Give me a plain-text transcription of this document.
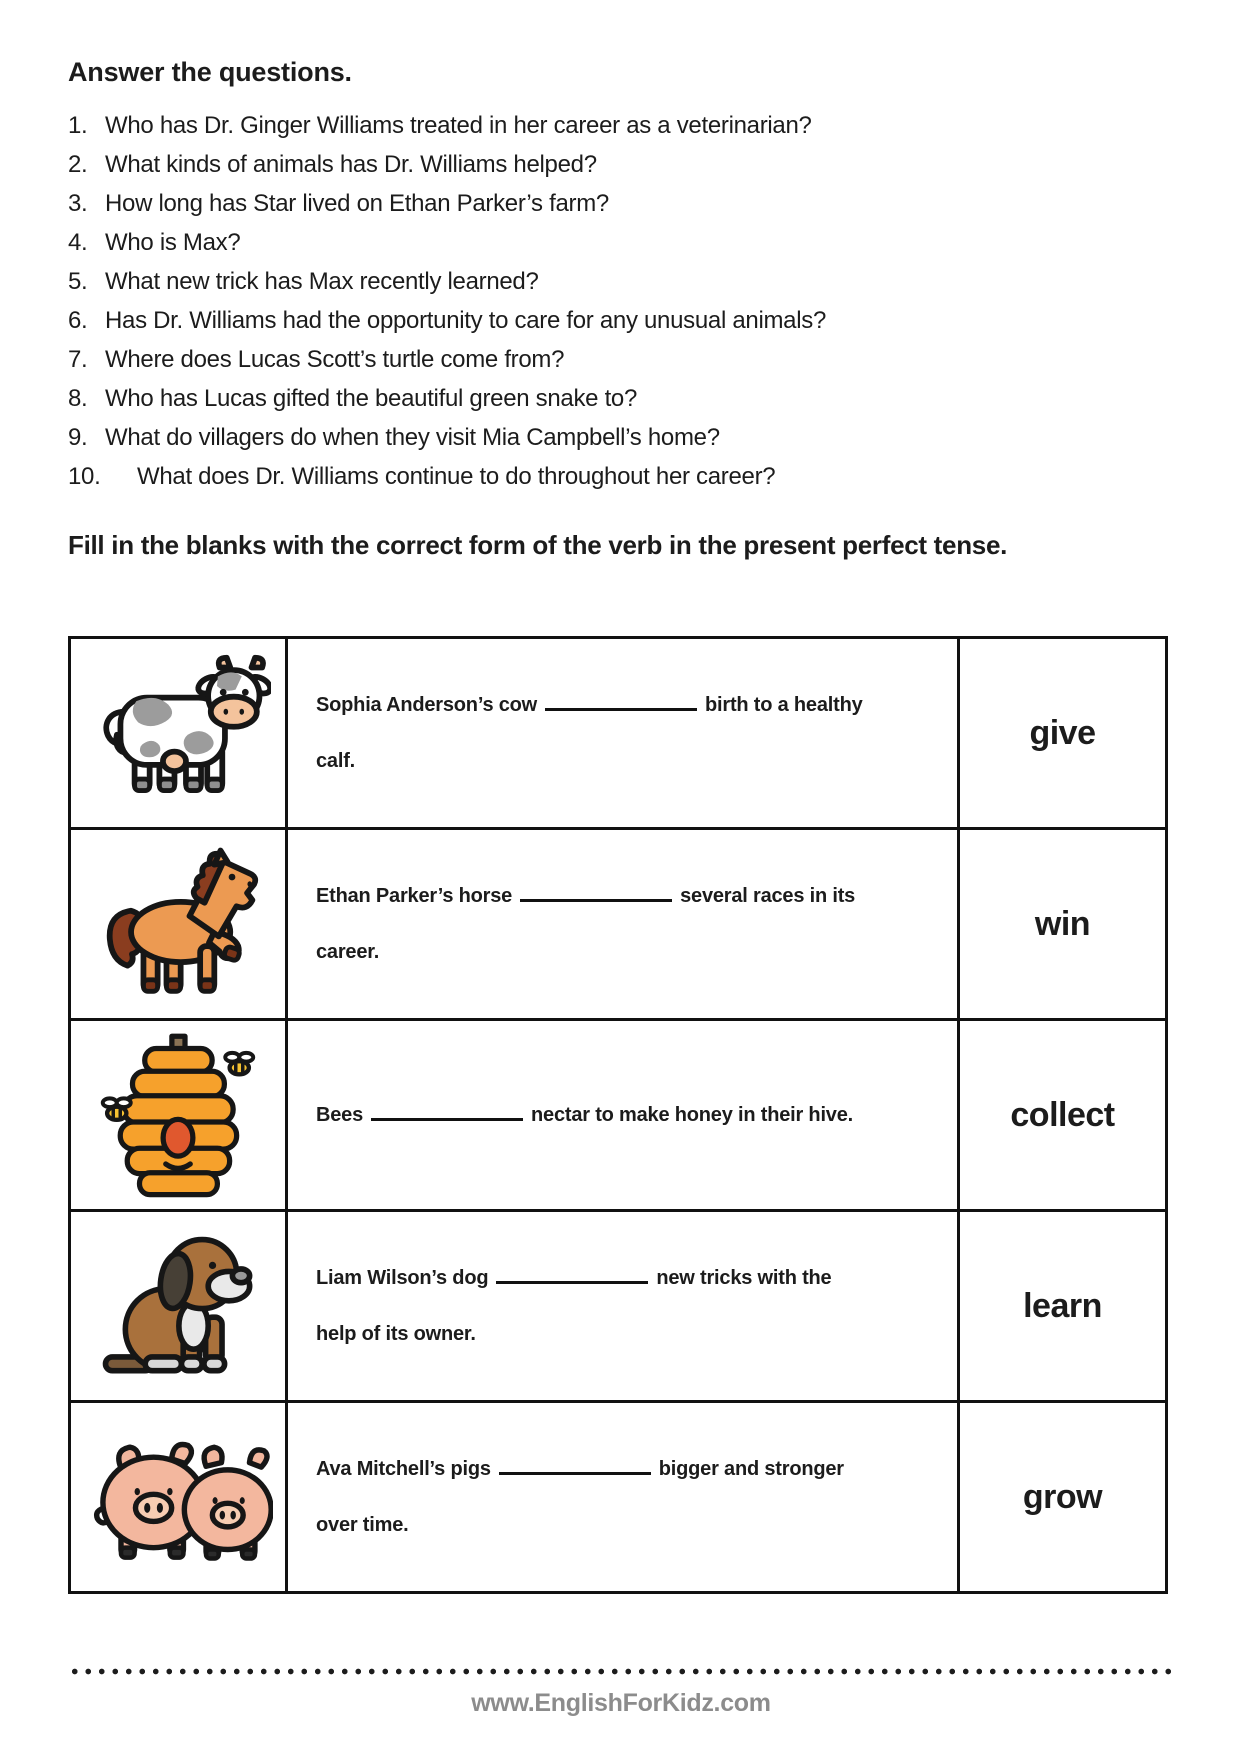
Answer the questions.
1. Who has Dr. Ginger Williams treated in her career as a veterinarian?
2. What kinds of animals has Dr. Williams helped?
3. How long has Star lived on Ethan Parker’s farm?
4. Who is Max?
5. What new trick has Max recently learned?
6. Has Dr. Williams had the opportunity to care for any unusual animals?
7. Where does Lucas Scott’s turtle come from?
8. Who has Lucas gifted the beautiful green snake to?
9. What do villagers do when they visit Mia Campbell’s home?
10.	What does Dr. Williams continue to do throughout her career?
Fill in the blanks with the correct form of the verb in the present perfect tense.

Sophia Anderson’s cow birth to a healthy calf.	give

Ethan Parker’s horse several races in its career.	win

Bees nectar to make honey in their hive.	collect

Liam Wilson’s dog new tricks with the help of its owner.	learn

Ava Mitchell’s pigs bigger and stronger over time.	grow
www.EnglishForKidz.com
